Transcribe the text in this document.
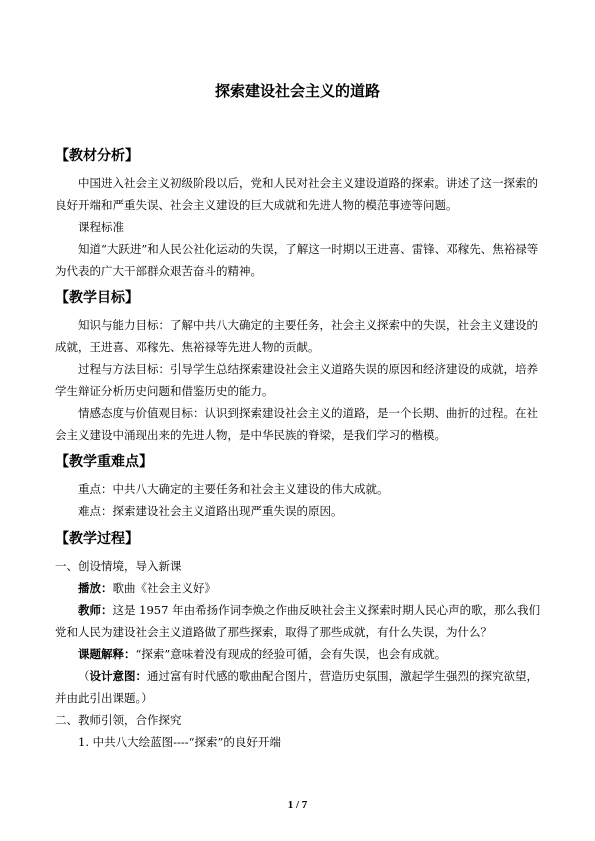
探索建设社会主义的道路
【教材分析】
中国进入社会主义初级阶段以后，党和人民对社会主义建设道路的探索。讲述了这一探索的良好开端和严重失误、社会主义建设的巨大成就和先进人物的模范事迹等问题。
课程标准
知道“大跃进”和人民公社化运动的失误，了解这一时期以王进喜、雷锋、邓稼先、焦裕禄等为代表的广大干部群众艰苦奋斗的精神。
【教学目标】
知识与能力目标：了解中共八大确定的主要任务，社会主义探索中的失误，社会主义建设的成就，王进喜、邓稼先、焦裕禄等先进人物的贡献。
过程与方法目标：引导学生总结探索建设社会主义道路失误的原因和经济建设的成就，培养学生辩证分析历史问题和借鉴历史的能力。
情感态度与价值观目标：认识到探索建设社会主义的道路，是一个长期、曲折的过程。在社会主义建设中涌现出来的先进人物，是中华民族的脊梁，是我们学习的楷模。
【教学重难点】
重点：中共八大确定的主要任务和社会主义建设的伟大成就。
难点：探索建设社会主义道路出现严重失误的原因。
【教学过程】
一、创设情境，导入新课
播放：歌曲《社会主义好》
教师：这是 1957 年由希扬作词李焕之作曲反映社会主义探索时期人民心声的歌，那么我们党和人民为建设社会主义道路做了那些探索，取得了那些成就，有什么失误，为什么？
课题解释：“探索”意味着没有现成的经验可循，会有失误，也会有成就。
（设计意图：通过富有时代感的歌曲配合图片，营造历史氛围，激起学生强烈的探究欲望，并由此引出课题。）
二、教师引领，合作探究
1. 中共八大绘蓝图----“探索”的良好开端
1 / 7
